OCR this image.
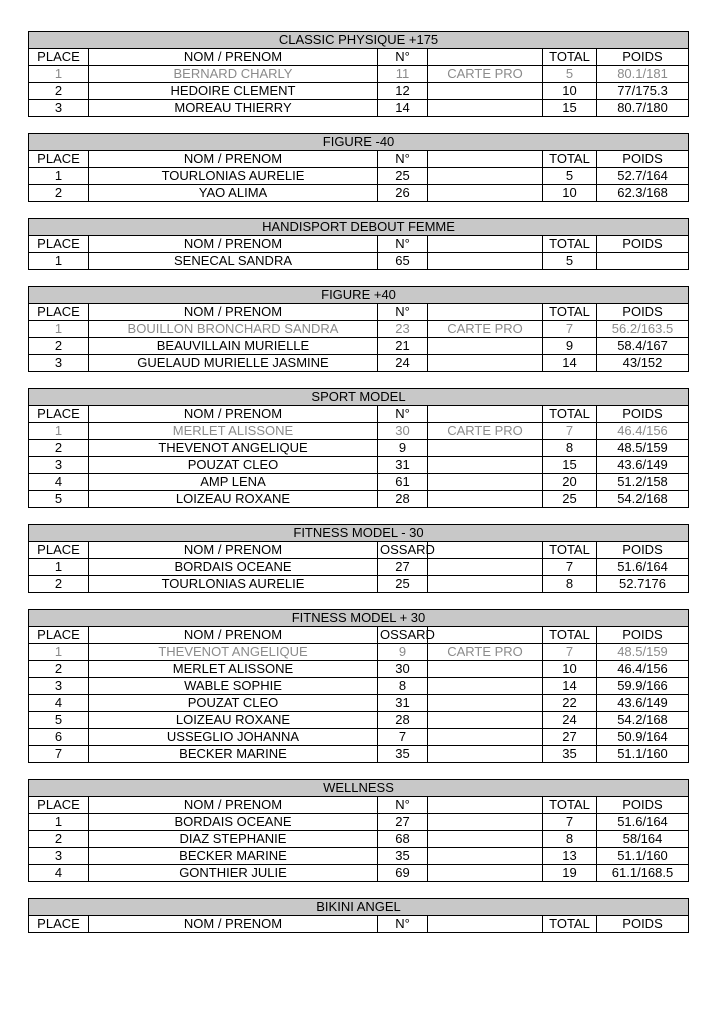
CLASSIC PHYSIQUE +175					
PLACE	NOM / PRENOM	N°		TOTAL	POIDS
1	BERNARD CHARLY	11	CARTE PRO	5	80.1/181
2	HEDOIRE CLEMENT	12		10	77/175.3
3	MOREAU THIERRY	14		15	80.7/180
FIGURE -40					
PLACE	NOM / PRENOM	N°		TOTAL	POIDS
1	TOURLONIAS AURELIE	25		5	52.7/164
2	YAO ALIMA	26		10	62.3/168
HANDISPORT DEBOUT FEMME					
PLACE	NOM / PRENOM	N°		TOTAL	POIDS
1	SENECAL SANDRA	65		5	
FIGURE +40					
PLACE	NOM / PRENOM	N°		TOTAL	POIDS
1	BOUILLON BRONCHARD SANDRA	23	CARTE PRO	7	56.2/163.5
2	BEAUVILLAIN MURIELLE	21		9	58.4/167
3	GUELAUD MURIELLE JASMINE	24		14	43/152
SPORT MODEL					
PLACE	NOM / PRENOM	N°		TOTAL	POIDS
1	MERLET ALISSONE	30	CARTE PRO	7	46.4/156
2	THEVENOT ANGELIQUE	9		8	48.5/159
3	POUZAT CLEO	31		15	43.6/149
4	AMP LENA	61		20	51.2/158
5	LOIZEAU ROXANE	28		25	54.2/168
FITNESS MODEL - 30					
PLACE	NOM / PRENOM	OSSARD		TOTAL	POIDS
1	BORDAIS OCEANE	27		7	51.6/164
2	TOURLONIAS AURELIE	25		8	52.7176
FITNESS MODEL + 30					
PLACE	NOM / PRENOM	OSSARD		TOTAL	POIDS
1	THEVENOT ANGELIQUE	9	CARTE PRO	7	48.5/159
2	MERLET ALISSONE	30		10	46.4/156
3	WABLE SOPHIE	8		14	59.9/166
4	POUZAT CLEO	31		22	43.6/149
5	LOIZEAU ROXANE	28		24	54.2/168
6	USSEGLIO JOHANNA	7		27	50.9/164
7	BECKER MARINE	35		35	51.1/160
WELLNESS					
PLACE	NOM / PRENOM	N°		TOTAL	POIDS
1	BORDAIS OCEANE	27		7	51.6/164
2	DIAZ STEPHANIE	68		8	58/164
3	BECKER MARINE	35		13	51.1/160
4	GONTHIER JULIE	69		19	61.1/168.5
BIKINI ANGEL
PLACE	NOM / PRENOM	N°		TOTAL	POIDS
